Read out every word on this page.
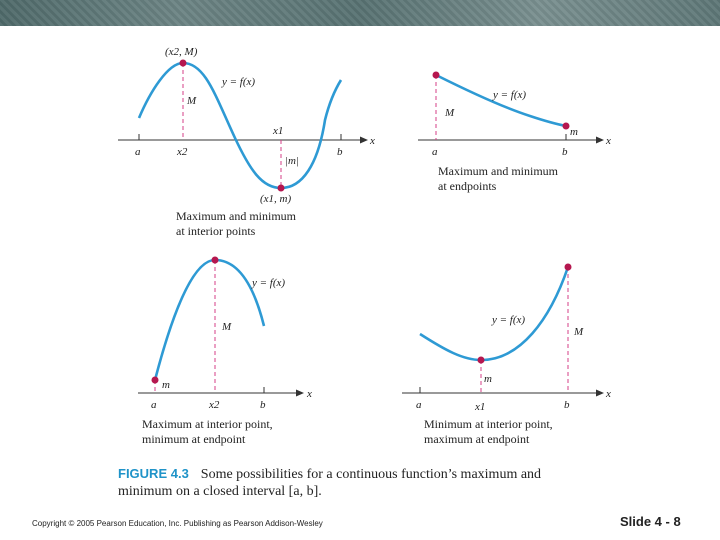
(x2, M)
y = f(x)
M
|m|
x1
a	x2	b
x
(x1, m)
Maximum and minimum
at interior points
y = f(x)
M
m
a	b
x
Maximum and minimum
at endpoints
y = f(x)
M
m
a	x2	b
x
Maximum at interior point,
minimum at endpoint
y = f(x)
M
m
a	x1	b
x
Minimum at interior point,
maximum at endpoint
FIGURE 4.3 Some possibilities for a continuous function’s maximum and minimum on a closed interval [a, b].
Copyright © 2005 Pearson Education, Inc. Publishing as Pearson Addison-Wesley	Slide 4 - 8
